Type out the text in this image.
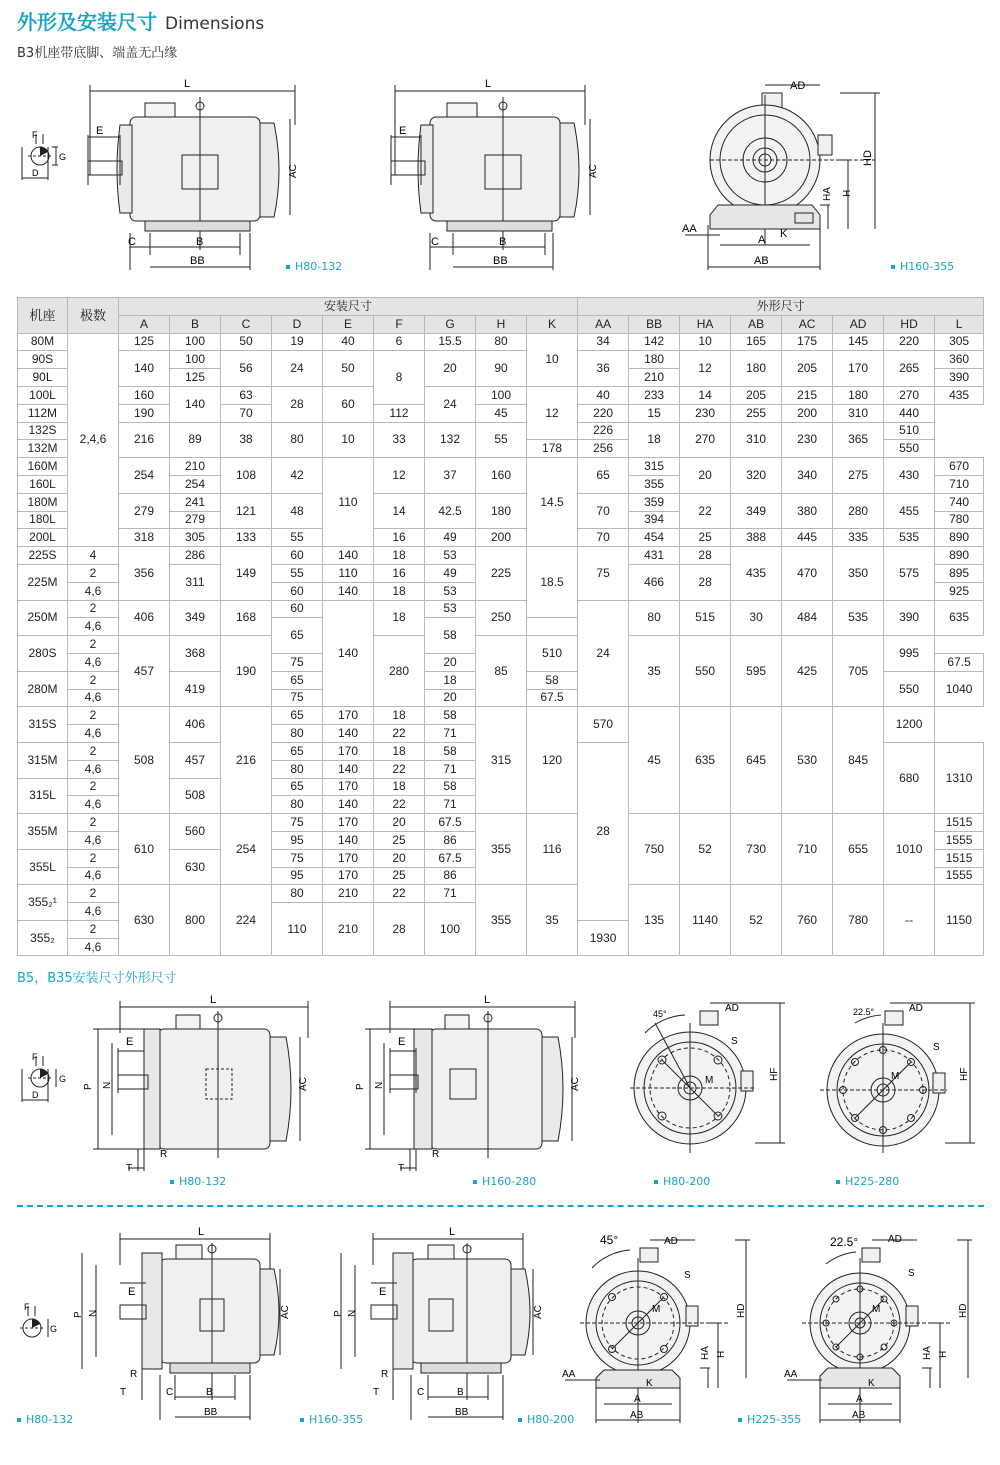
外形及安装尺寸 Dimensions
B3机座带底脚、端盖无凸缘
F
G
D
L
E
AC
C	B
BB	H80-132
L
E
AC
C	B
BB
AD
HD
H
HA
AA	K
A
AB	H160-355
机座	极数	安装尺寸									外形尺寸								
		A	B	C	D	E	F	G	H	K	AA	BB	HA	AB	AC	AD	HD	L	
80M	2,4,6	125	100	50	19	40	6	15.5	80	10	34	142	10	165	175	145	220	305	
90S		140	100	56	24	50	8	20	90		36	180	12	180	205	170	265	360	
90L			125									210						390	
100L		160	140	63	28	60		24	100	12	40	233	14	205	215	180	270	435	
112M		190		70			112		45		220	15	230	255	200	310	440		
132S		216	89	38	80	10	33	132	55		226	18	270	310	230	365	510		
132M										178	256						550		
160M		254	210	108	42	110	12	37	160	14.5	65	315	20	320	340	275	430	670	
160L			254									355						710	
180M		279	241	121	48		14	42.5	180		70	359	22	349	380	280	455	740	
180L			279									394						780	
200L		318	305	133	55		16	49	200		70	454	25	388	445	335	535	890	
225S	4	356	286	149	60	140	18	53	225	18.5	75	431	28	435	470	350	575	890	
225M	2		311		55	110	16	49				466	28					895	
	4,6				60	140	18	53										925	
250M	2	406	349	168	60	140	18	53	250		24	80	515	30	484	535	390	635	
	4,6				65			58											
280S	2	457	368	190			280		85	510		35	550	595	425	705	995		
	4,6				75			20										67.5	
280M	2		419		65			18		58							550	1040	
	4,6				75			20		67.5									
315S	2	508	406	216	65	170	18	58	315	120	570	45	635	645	530	845	1200		
	4,6				80	140	22	71											
315M	2		457		65	170	18	58			28						680	1310	
	4,6				80	140	22	71											
315L	2		508		65	170	18	58											
	4,6				80	140	22	71											
355M	2	610	560	254	75	170	20	67.5	355	116		750	52	730	710	655	1010	1515	
	4,6				95	140	25	86										1555	
355L	2		630		75	170	20	67.5										1515	
	4,6				95	170	25	86										1555	
355₂¹	2	630	800	224	80	210	22	71	355	35		135	1140	52	760	780	--	1150	
	4,6				110	210	28	100	
355₂	2										1930								
	4,6																		
B5，B35安装尺寸外形尺寸
F
G
D
L
E
P N	AC
T
R
H80-132
L
E
P N	AC
T
R
H160-280
45°	AD
S
M	HF
H80-200
22.5°	AD
S
M	HF
H225-280
F
G
L
E
P N	AC
R
T	C	B
BB
H80-132
L
E
P N	AC
R
T	C	B
BB
H160-355
45°	AD
S
M	HD
H
HA
AA
K
A
AB
H80-200
22.5°	AD
S
M	HD
H
HA
AA
K
A
AB
H225-355
